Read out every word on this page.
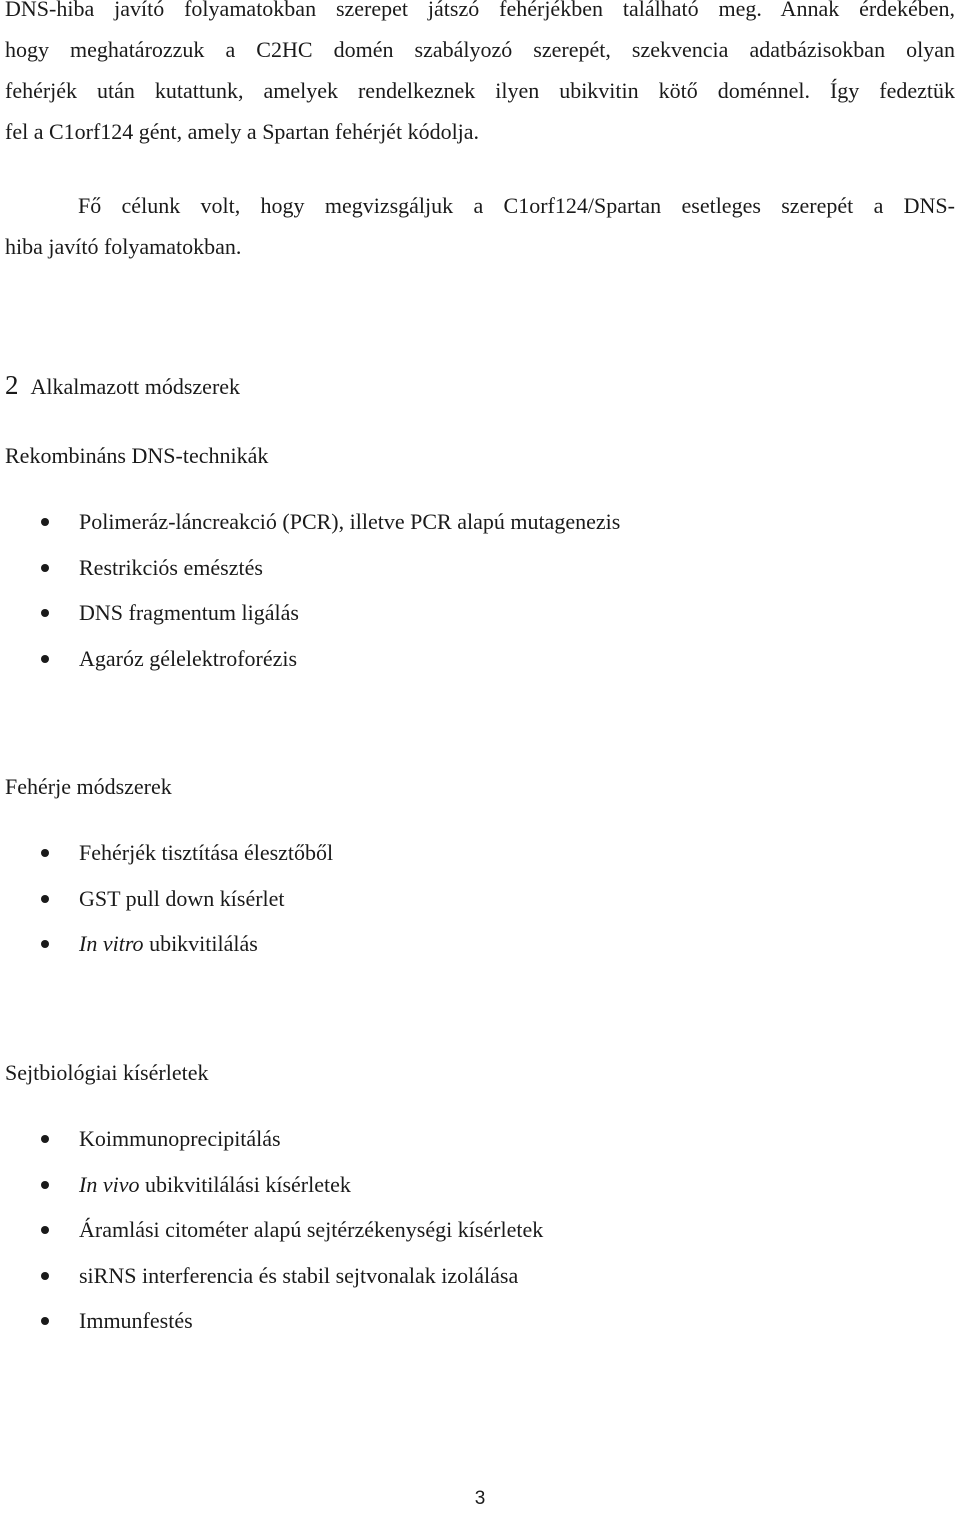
DNS-hiba javító folyamatokban szerepet játszó fehérjékben található meg. Annak érdekében,
hogy meghatározzuk a C2HC domén szabályozó szerepét, szekvencia adatbázisokban olyan
fehérjék után kutattunk, amelyek rendelkeznek ilyen ubikvitin kötő doménnel. Így fedeztük
fel a C1orf124 gént, amely a Spartan fehérjét kódolja.

Fő célunk volt, hogy megvizsgáljuk a C1orf124/Spartan esetleges szerepét a DNS-
hiba javító folyamatokban.

2 Alkalmazott módszerek

Rekombináns DNS-technikák

Polimeráz-láncreakció (PCR), illetve PCR alapú mutagenezis
Restrikciós emésztés
DNS fragmentum ligálás
Agaróz gélelektroforézis

Fehérje módszerek

Fehérjék tisztítása élesztőből
GST pull down kísérlet
In vitro ubikvitilálás

Sejtbiológiai kísérletek

Koimmunoprecipitálás
In vivo ubikvitilálási kísérletek
Áramlási citométer alapú sejtérzékenységi kísérletek
siRNS interferencia és stabil sejtvonalak izolálása
Immunfestés

3
